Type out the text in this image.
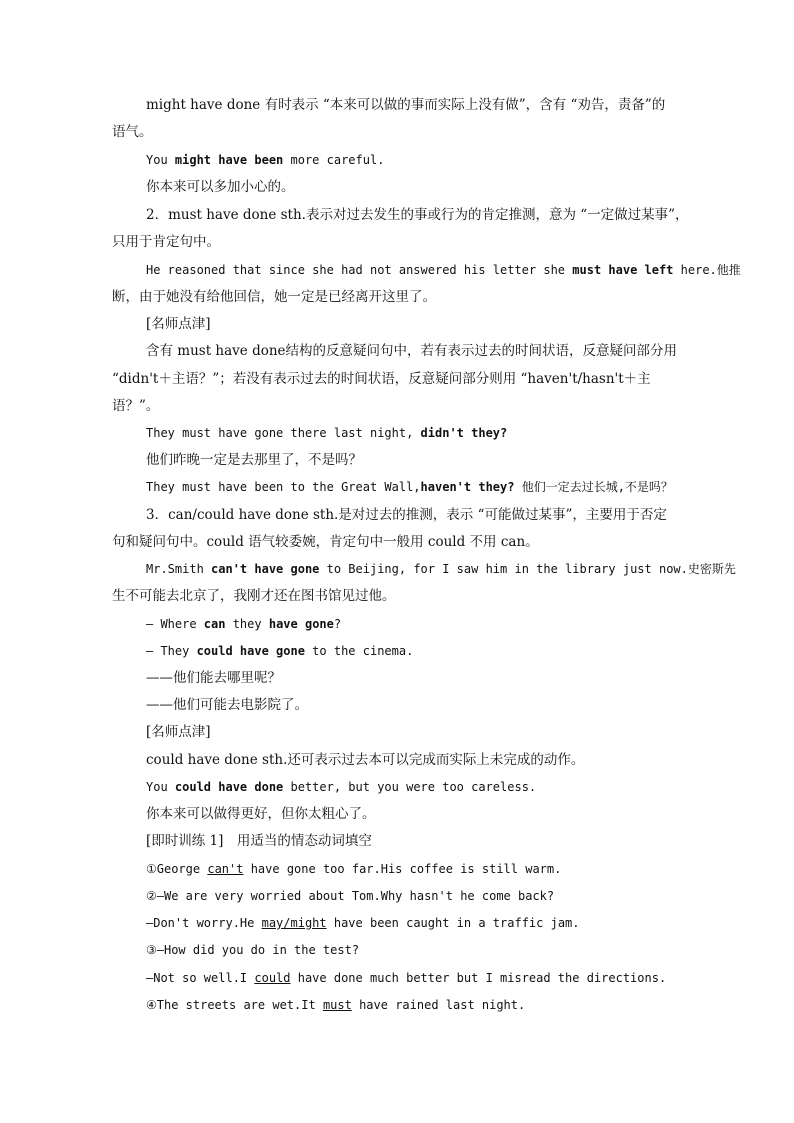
might have done 有时表示 “本来可以做的事而实际上没有做”，含有 “劝告，责备”的
语气。
You might have been more careful.
你本来可以多加小心的。
2．must have done sth.表示对过去发生的事或行为的肯定推测，意为 “一定做过某事”，
只用于肯定句中。
He reasoned that since she had not answered his letter she must have left here.他推
断，由于她没有给他回信，她一定是已经离开这里了。
[名师点津]
含有 must have done结构的反意疑问句中，若有表示过去的时间状语，反意疑问部分用
“didn't＋主语？”；若没有表示过去的时间状语，反意疑问部分则用 “haven't/hasn't＋主
语？”。
They must have gone there last night, didn't they?
他们昨晚一定是去那里了，不是吗？
They must have been to the Great Wall,haven't they? 他们一定去过长城,不是吗？
3．can/could have done sth.是对过去的推测，表示 “可能做过某事”，主要用于否定
句和疑问句中。could 语气较委婉，肯定句中一般用 could 不用 can。
Mr.Smith can't have gone to Beijing, for I saw him in the library just now.史密斯先
生不可能去北京了，我刚才还在图书馆见过他。
— Where can they have gone?
— They could have gone to the cinema.
——他们能去哪里呢？
——他们可能去电影院了。
[名师点津]
could have done sth.还可表示过去本可以完成而实际上未完成的动作。
You could have done better, but you were too careless.
你本来可以做得更好，但你太粗心了。
[即时训练 1]　用适当的情态动词填空
①George can't have gone too far.His coffee is still warm.
②—We are very worried about Tom.Why hasn't he come back?
—Don't worry.He may/might have been caught in a traffic jam.
③—How did you do in the test?
—Not so well.I could have done much better but I misread the directions.
④The streets are wet.It must have rained last night.
